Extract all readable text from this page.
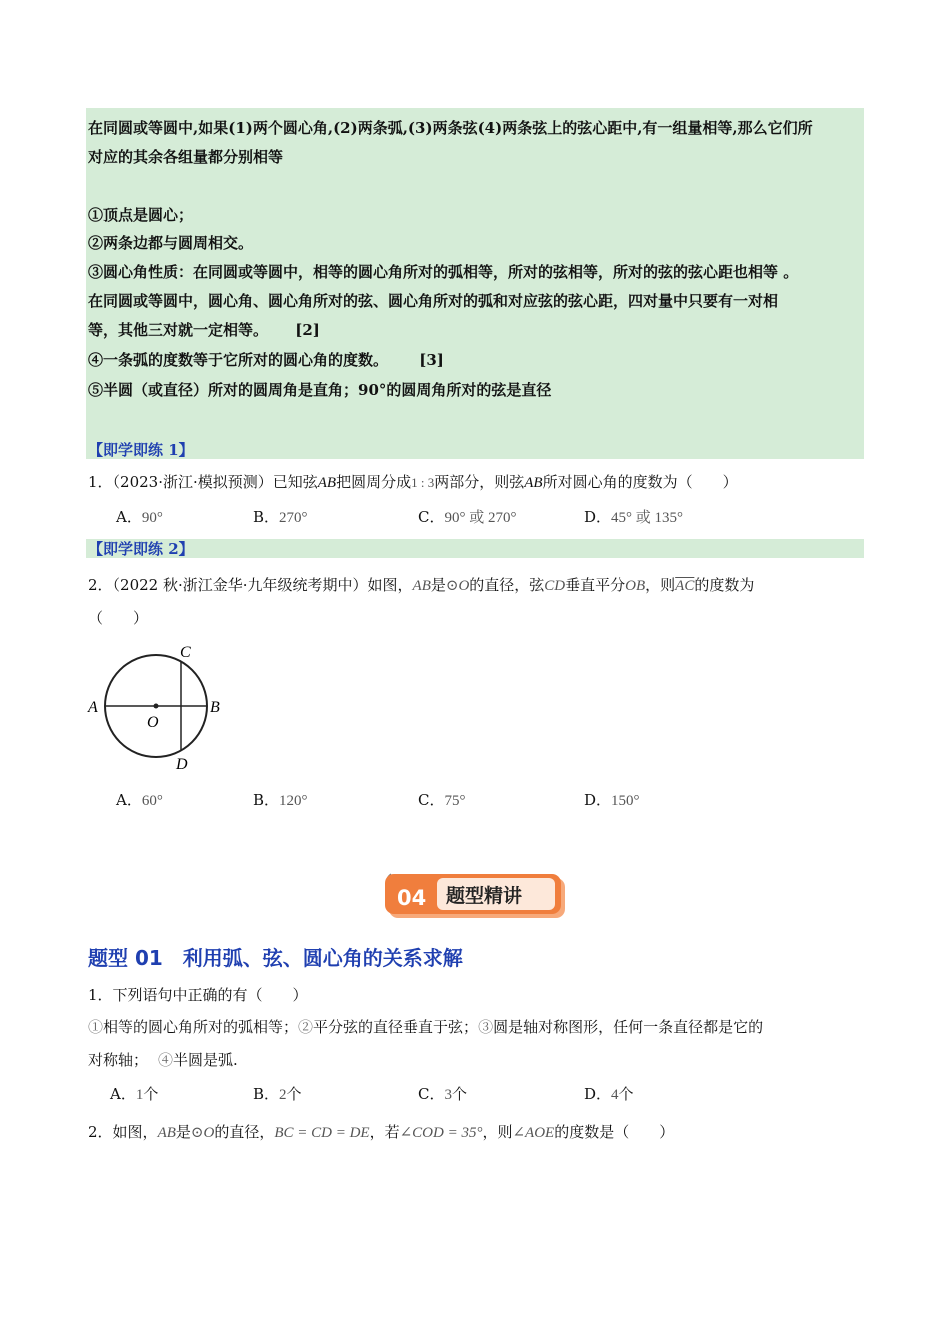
在同圆或等圆中,如果(1)两个圆心角,(2)两条弧,(3)两条弦(4)两条弦上的弦心距中,有一组量相等,那么它们所
对应的其余各组量都分别相等
①顶点是圆心；
②两条边都与圆周相交。
③圆心角性质：在同圆或等圆中，相等的圆心角所对的弧相等，所对的弦相等，所对的弦的弦心距也相等 。
在同圆或等圆中，圆心角、圆心角所对的弦、圆心角所对的弧和对应弦的弦心距，四对量中只要有一对相
等，其他三对就一定相等。 [2]
④一条弧的度数等于它所对的圆心角的度数。 [3]
⑤半圆（或直径）所对的圆周角是直角；90°的圆周角所对的弦是直径
【即学即练 1】
1．（2023·浙江·模拟预测）已知弦AB把圆周分成1 : 3两部分，则弦AB所对圆心角的度数为（　　）
A．90°	B．270°	C．90° 或 270°	D．45° 或 135°
【即学即练 2】
2．（2022 秋·浙江金华·九年级统考期中）如图，AB是⊙O的直径，弦CD垂直平分OB，则$\overline{AC}$的度数为
（　　）
A	B
C
D
O
A．60°	B．120°	C．75°	D．150°
04 题型精讲
题型 01　利用弧、弦、圆心角的关系求解
1．下列语句中正确的有（　　）
①相等的圆心角所对的弧相等；②平分弦的直径垂直于弦；③圆是轴对称图形，任何一条直径都是它的
对称轴； ④半圆是弧.
A．1个	B．2个	C．3个	D．4个
2．如图，AB是⊙O的直径，BC = CD = DE，若∠COD = 35°，则∠AOE的度数是（　　）
